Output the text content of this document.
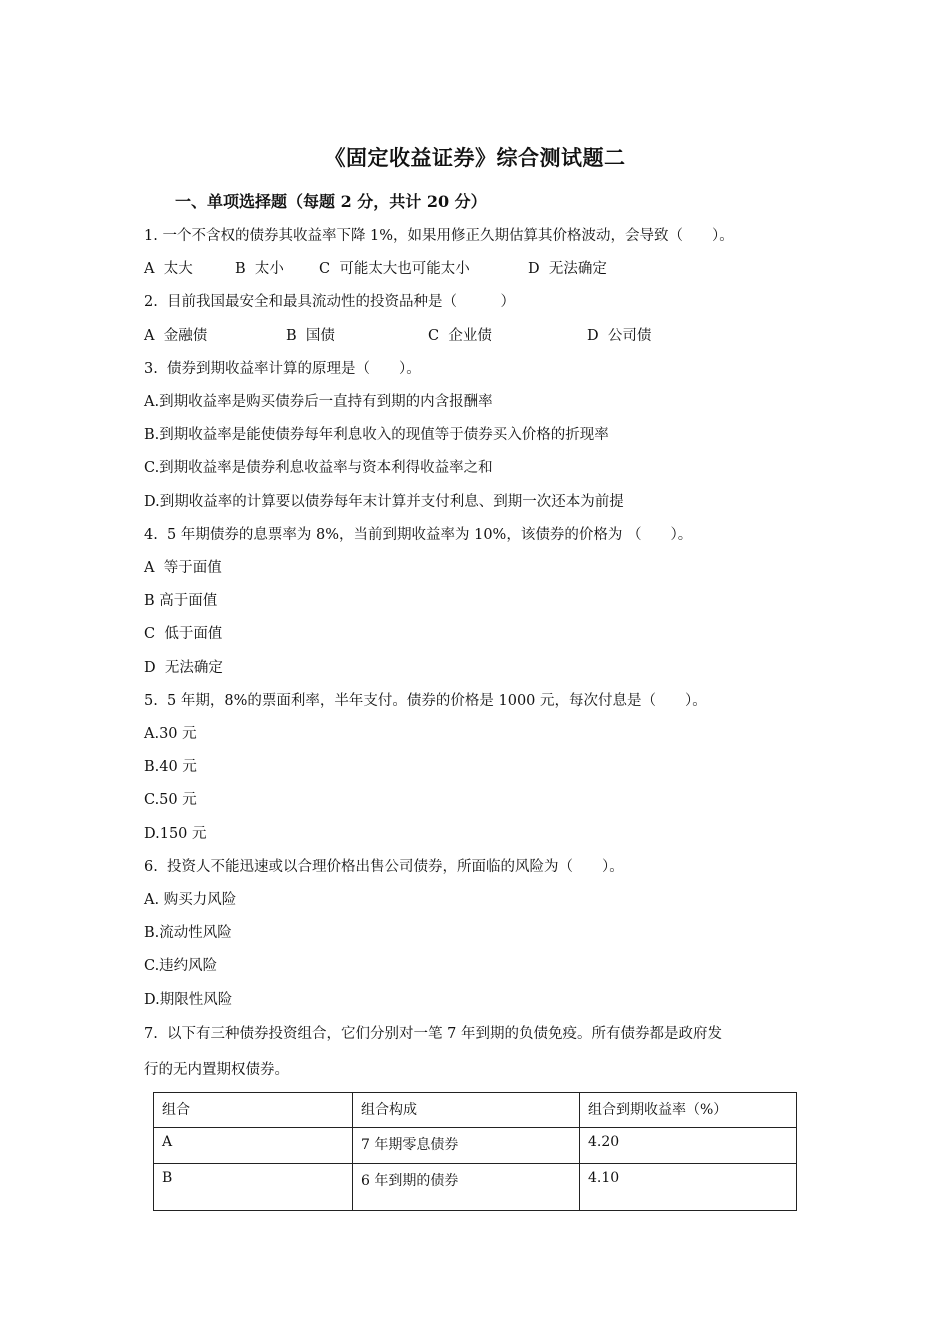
《固定收益证券》综合测试题二
一、单项选择题（每题 2 分，共计 20 分）
1. 一个不含权的债券其收益率下降 1%，如果用修正久期估算其价格波动，会导致（　　）。
A  太大	B  太小 C  可能太大也可能太小	D  无法确定
2.  目前我国最安全和最具流动性的投资品种是（　　　）
A  金融债	B  国债	C  企业债	D  公司债
3.  债券到期收益率计算的原理是（　　）。
A.到期收益率是购买债券后一直持有到期的内含报酬率
B.到期收益率是能使债券每年利息收入的现值等于债券买入价格的折现率
C.到期收益率是债券利息收益率与资本利得收益率之和
D.到期收益率的计算要以债券每年末计算并支付利息、到期一次还本为前提
4.  5 年期债券的息票率为 8%，当前到期收益率为 10%，该债券的价格为 （　　）。
A  等于面值
B 高于面值
C  低于面值
D  无法确定
5.  5 年期，8%的票面利率，半年支付。债券的价格是 1000 元，每次付息是（　　）。
A.30 元
B.40 元
C.50 元
D.150 元
6.  投资人不能迅速或以合理价格出售公司债券，所面临的风险为（　　）。
A. 购买力风险
B.流动性风险
C.违约风险
D.期限性风险
7.  以下有三种债券投资组合，它们分别对一笔 7 年到期的负债免疫。所有债券都是政府发
行的无内置期权债券。
组合	组合构成	组合到期收益率（%）
A	7 年期零息债券	4.20
B	6 年到期的债券	4.10
